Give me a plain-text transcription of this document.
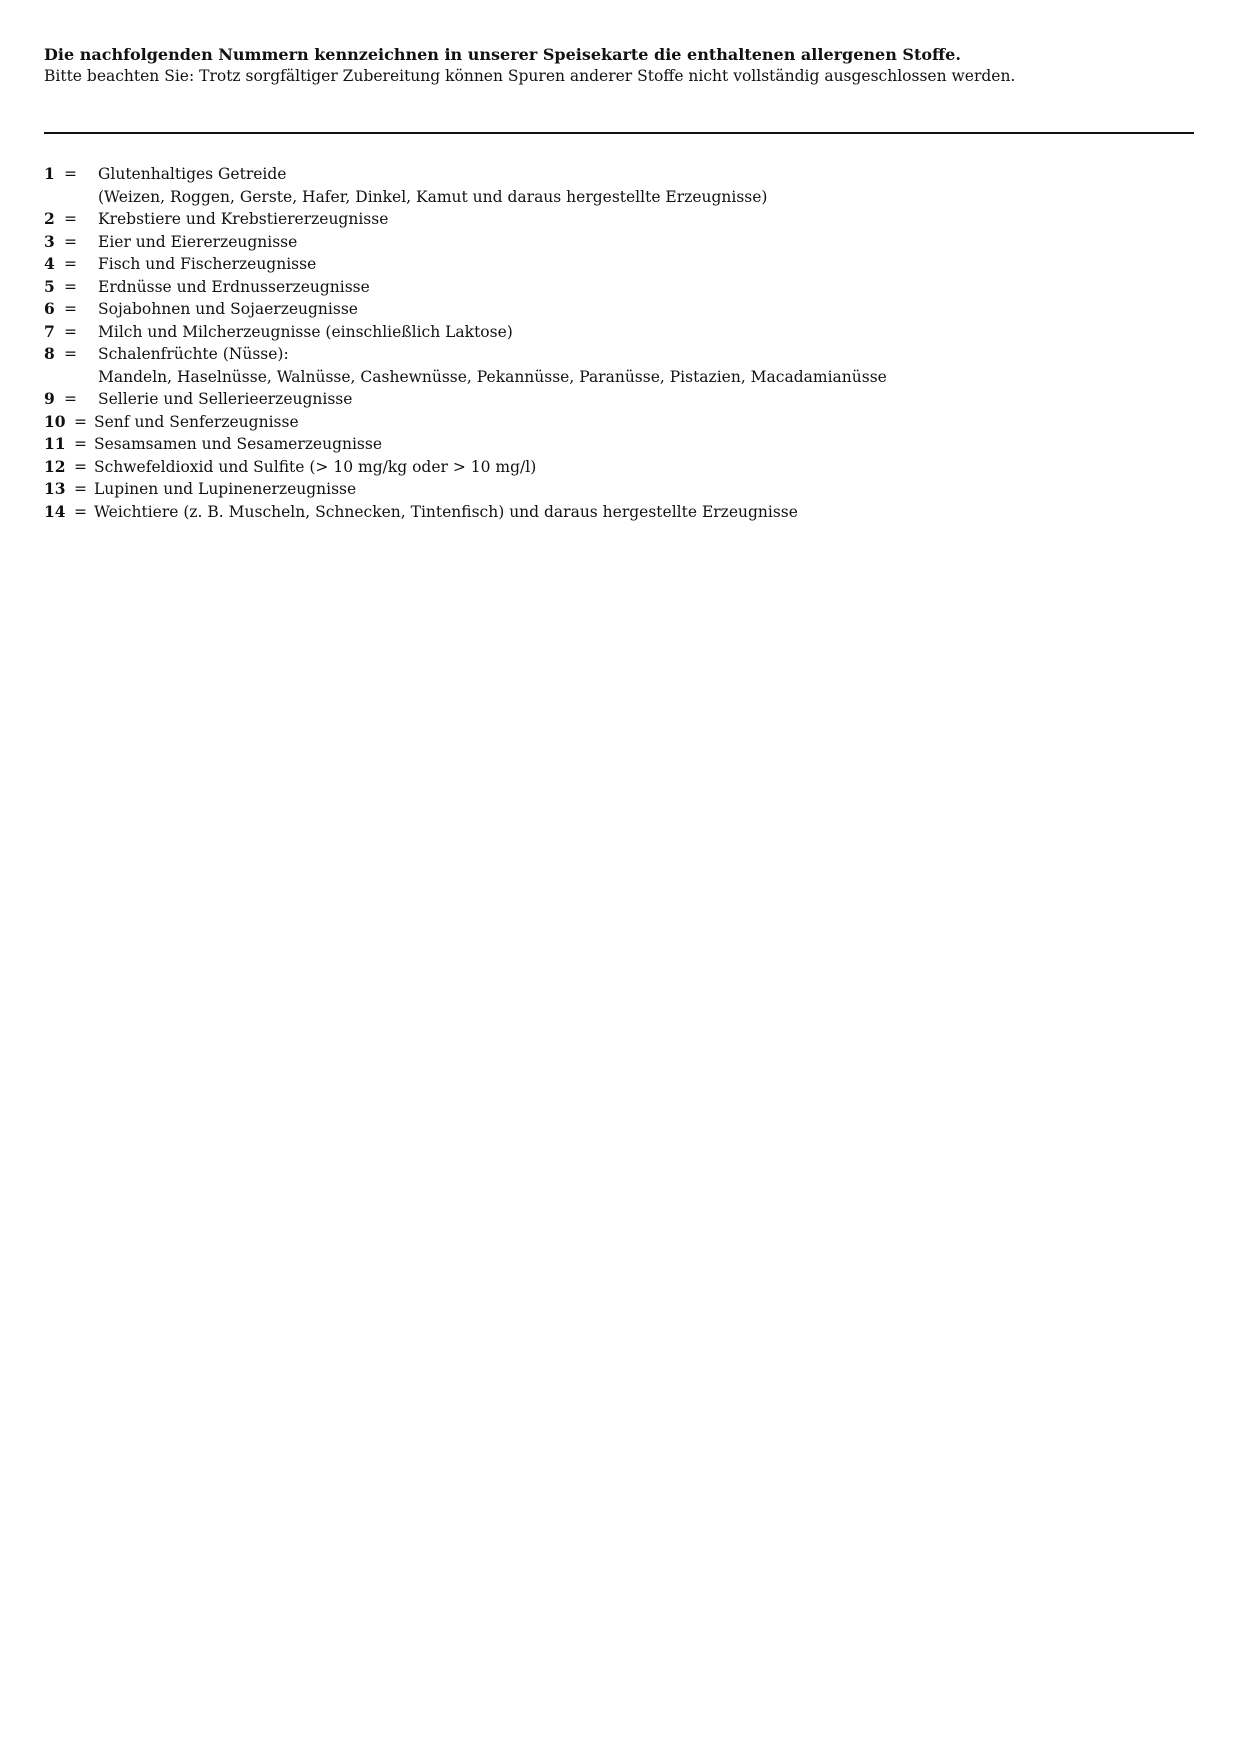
Die nachfolgenden Nummern kennzeichnen in unserer Speisekarte die enthaltenen allergenen Stoffe.

Bitte beachten Sie: Trotz sorgfältiger Zubereitung können Spuren anderer Stoffe nicht vollständig ausgeschlossen werden.

1 =	Glutenhaltiges Getreide
(Weizen, Roggen, Gerste, Hafer, Dinkel, Kamut und daraus hergestellte Erzeugnisse)
2 =	Krebstiere und Krebstiererzeugnisse
3 =	Eier und Eiererzeugnisse
4 =	Fisch und Fischerzeugnisse
5 =	Erdnüsse und Erdnusserzeugnisse
6 =	Sojabohnen und Sojaerzeugnisse
7 =	Milch und Milcherzeugnisse (einschließlich Laktose)
8 =	Schalenfrüchte (Nüsse):
Mandeln, Haselnüsse, Walnüsse, Cashewnüsse, Pekannüsse, Paranüsse, Pistazien, Macadamianüsse
9 =	Sellerie und Sellerieerzeugnisse
10 = Senf und Senferzeugnisse
11 = Sesamsamen und Sesamerzeugnisse
12 = Schwefeldioxid und Sulfite (> 10 mg/kg oder > 10 mg/l)
13 = Lupinen und Lupinenerzeugnisse
14 = Weichtiere (z. B. Muscheln, Schnecken, Tintenfisch) und daraus hergestellte Erzeugnisse
